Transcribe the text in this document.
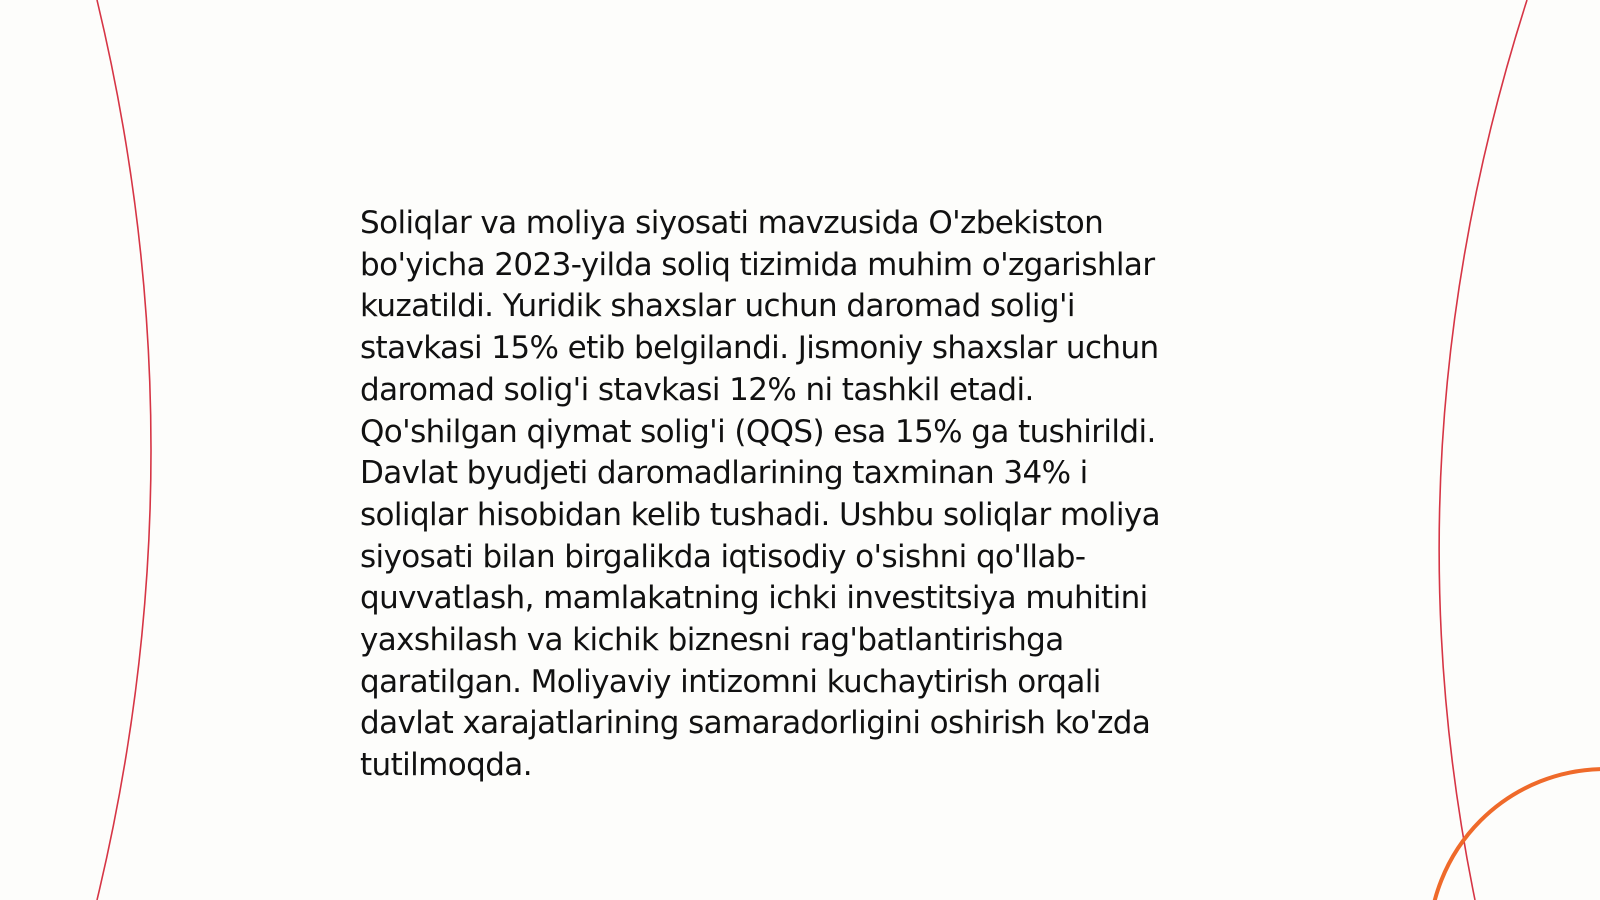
Soliqlar va moliya siyosati mavzusida O'zbekiston
bo'yicha 2023-yilda soliq tizimida muhim o'zgarishlar
kuzatildi. Yuridik shaxslar uchun daromad solig'i
stavkasi 15% etib belgilandi. Jismoniy shaxslar uchun
daromad solig'i stavkasi 12% ni tashkil etadi.
Qo'shilgan qiymat solig'i (QQS) esa 15% ga tushirildi.
Davlat byudjeti daromadlarining taxminan 34% i
soliqlar hisobidan kelib tushadi. Ushbu soliqlar moliya
siyosati bilan birgalikda iqtisodiy o'sishni qo'llab-
quvvatlash, mamlakatning ichki investitsiya muhitini
yaxshilash va kichik biznesni rag'batlantirishga
qaratilgan. Moliyaviy intizomni kuchaytirish orqali
davlat xarajatlarining samaradorligini oshirish ko'zda
tutilmoqda.
